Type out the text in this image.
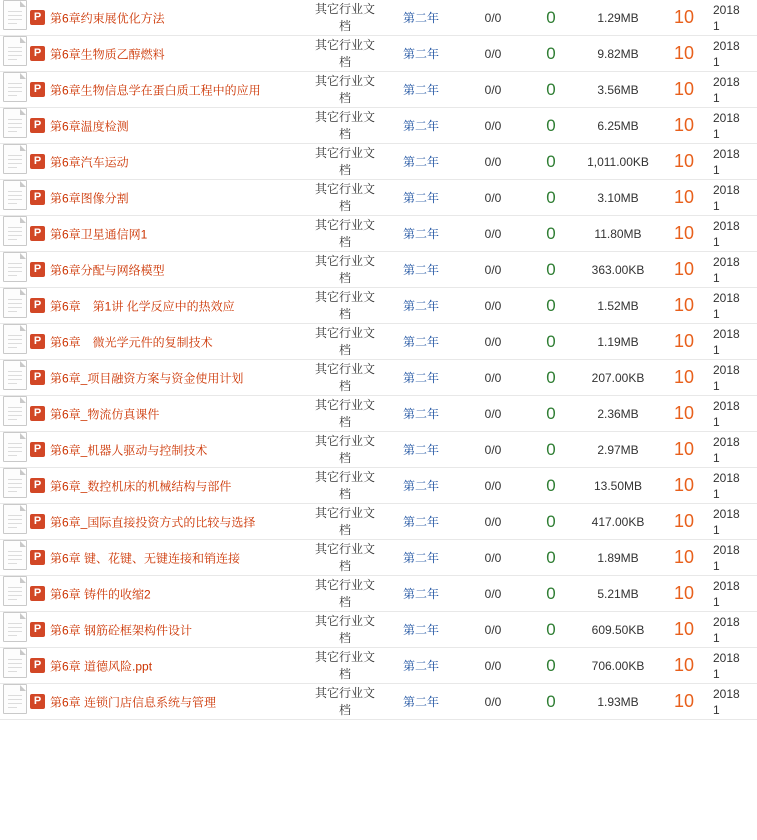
	P 第6章约束展优化方法	其它行业文档	第二年	0/0	0	1.29MB	10	2018
1

	P 第6章生物质乙醇燃料	其它行业文档	第二年	0/0	0	9.82MB	10	2018
1

	P 第6章生物信息学在蛋白质工程中的应用	其它行业文档	第二年	0/0	0	3.56MB	10	2018
1

	P 第6章温度检测	其它行业文档	第二年	0/0	0	6.25MB	10	2018
1

	P 第6章汽车运动	其它行业文档	第二年	0/0	0	1,011.00KB	10	2018
1

	P 第6章图像分割	其它行业文档	第二年	0/0	0	3.10MB	10	2018
1

	P 第6章卫星通信网1	其它行业文档	第二年	0/0	0	11.80MB	10	2018
1

	P 第6章分配与网络模型	其它行业文档	第二年	0/0	0	363.00KB	10	2018
1

	P 第6章　第1讲 化学反应中的热效应	其它行业文档	第二年	0/0	0	1.52MB	10	2018
1

	P 第6章　微光学元件的复制技术	其它行业文档	第二年	0/0	0	1.19MB	10	2018
1

	P 第6章_项目融资方案与资金使用计划	其它行业文档	第二年	0/0	0	207.00KB	10	2018
1

	P 第6章_物流仿真课件	其它行业文档	第二年	0/0	0	2.36MB	10	2018
1

	P 第6章_机器人驱动与控制技术	其它行业文档	第二年	0/0	0	2.97MB	10	2018
1

	P 第6章_数控机床的机械结构与部件	其它行业文档	第二年	0/0	0	13.50MB	10	2018
1

	P 第6章_国际直接投资方式的比较与选择	其它行业文档	第二年	0/0	0	417.00KB	10	2018
1

	P 第6章 键、花键、无键连接和销连接	其它行业文档	第二年	0/0	0	1.89MB	10	2018
1

	P 第6章 铸件的收缩2	其它行业文档	第二年	0/0	0	5.21MB	10	2018
1

	P 第6章 钢筋砼框架构件设计	其它行业文档	第二年	0/0	0	609.50KB	10	2018
1

	P 第6章 道德风险.ppt	其它行业文档	第二年	0/0	0	706.00KB	10	2018
1

	P 第6章 连锁门店信息系统与管理	其它行业文档	第二年	0/0	0	1.93MB	10	2018
1
